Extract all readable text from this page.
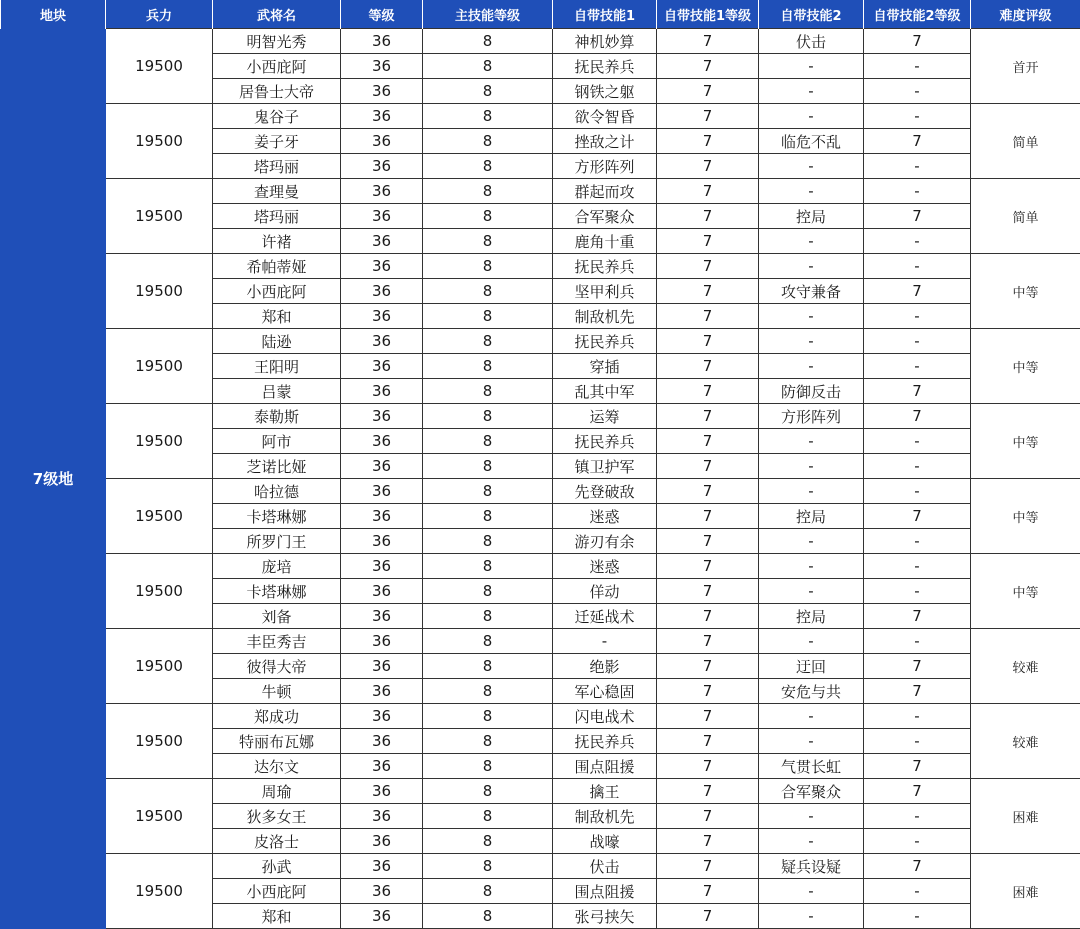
地块	兵力	武将名	等级	主技能等级	自带技能1	自带技能1等级	自带技能2	自带技能2等级	难度评级
7级地	19500	明智光秀	36	8	神机妙算	7	伏击	7	首开
		小西庇阿	36	8	抚民养兵	7	-	-	
		居鲁士大帝	36	8	钢铁之躯	7	-	-	
	19500	鬼谷子	36	8	欲令智昏	7	-	-	简单
		姜子牙	36	8	挫敌之计	7	临危不乱	7	
		塔玛丽	36	8	方形阵列	7	-	-	
	19500	查理曼	36	8	群起而攻	7	-	-	简单
		塔玛丽	36	8	合军聚众	7	控局	7	
		许褚	36	8	鹿角十重	7	-	-	
	19500	希帕蒂娅	36	8	抚民养兵	7	-	-	中等
		小西庇阿	36	8	坚甲利兵	7	攻守兼备	7	
		郑和	36	8	制敌机先	7	-	-	
	19500	陆逊	36	8	抚民养兵	7	-	-	中等
		王阳明	36	8	穿插	7	-	-	
		吕蒙	36	8	乱其中军	7	防御反击	7	
	19500	泰勒斯	36	8	运筹	7	方形阵列	7	中等
		阿市	36	8	抚民养兵	7	-	-	
		芝诺比娅	36	8	镇卫护军	7	-	-	
	19500	哈拉德	36	8	先登破敌	7	-	-	中等
		卡塔琳娜	36	8	迷惑	7	控局	7	
		所罗门王	36	8	游刃有余	7	-	-	
	19500	庞培	36	8	迷惑	7	-	-	中等
		卡塔琳娜	36	8	佯动	7	-	-	
		刘备	36	8	迁延战术	7	控局	7	
	19500	丰臣秀吉	36	8	-	7	-	-	较难
		彼得大帝	36	8	绝影	7	迂回	7	
		牛顿	36	8	军心稳固	7	安危与共	7	
	19500	郑成功	36	8	闪电战术	7	-	-	较难
		特丽布瓦娜	36	8	抚民养兵	7	-	-	
		达尔文	36	8	围点阻援	7	气贯长虹	7	
	19500	周瑜	36	8	擒王	7	合军聚众	7	困难
		狄多女王	36	8	制敌机先	7	-	-	
		皮洛士	36	8	战嚎	7	-	-	
	19500	孙武	36	8	伏击	7	疑兵设疑	7	困难
		小西庇阿	36	8	围点阻援	7	-	-	
		郑和	36	8	张弓挟矢	7	-	-	
